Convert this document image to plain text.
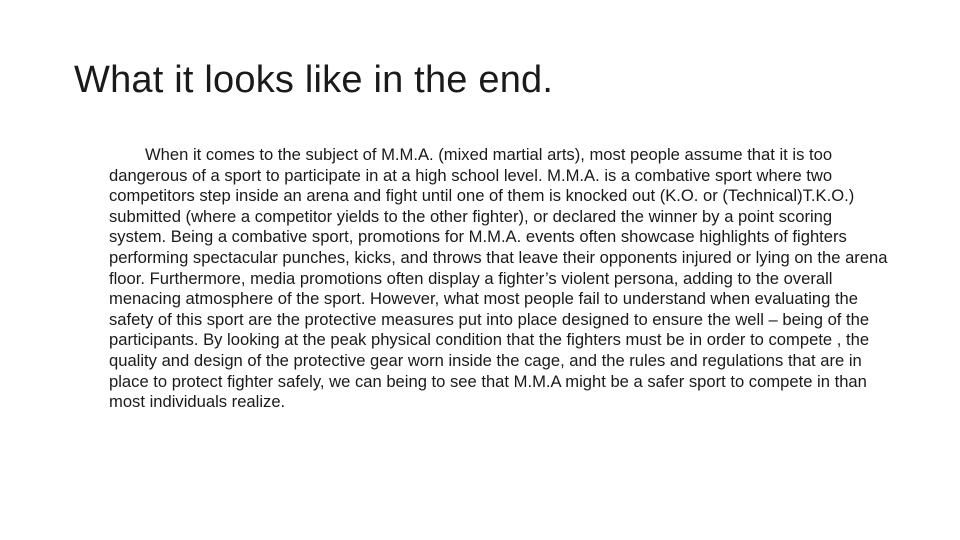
What it looks like in the end.

When it comes to the subject of M.M.A. (mixed martial arts), most people assume that it is too dangerous of a sport to participate in at a high school level. M.M.A. is a combative sport where two competitors step inside an arena and fight until one of them is knocked out (K.O. or (Technical)T.K.O.) submitted (where a competitor yields to the other fighter), or declared the winner by a point scoring system. Being a combative sport, promotions for M.M.A. events often showcase highlights of fighters performing spectacular punches, kicks, and throws that leave their opponents injured or lying on the arena floor. Furthermore, media promotions often display a fighter’s violent persona, adding to the overall menacing atmosphere of the sport. However, what most people fail to understand when evaluating the safety of this sport are the protective measures put into place designed to ensure the well – being of the participants. By looking at the peak physical condition that the fighters must be in order to compete , the quality and design of the protective gear worn inside the cage, and the rules and regulations that are in place to protect fighter safely, we can being to see that M.M.A might be a safer sport to compete in than most individuals realize.
